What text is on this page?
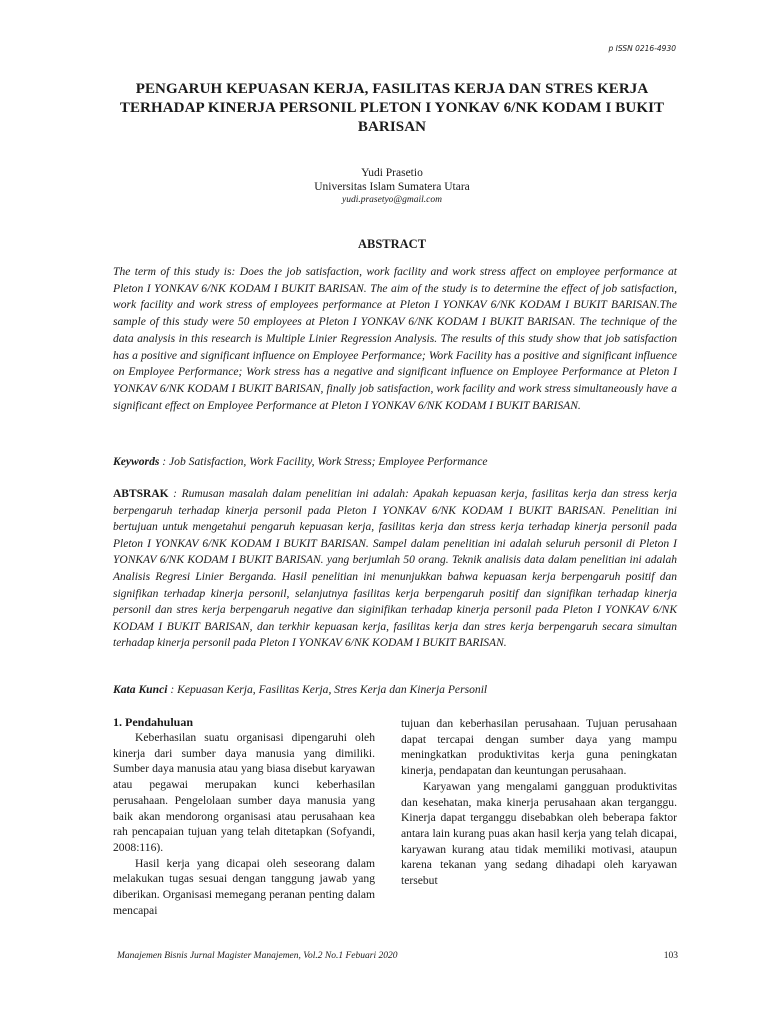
p ISSN 0216-4930
PENGARUH KEPUASAN KERJA, FASILITAS KERJA DAN STRES KERJA TERHADAP KINERJA PERSONIL PLETON I YONKAV 6/NK KODAM I BUKIT BARISAN
Yudi Prasetio
Universitas Islam Sumatera Utara
yudi.prasetyo@gmail.com
ABSTRACT
The term of this study is: Does the job satisfaction, work facility and work stress affect on employee performance at Pleton I YONKAV 6/NK KODAM I BUKIT BARISAN. The aim of the study is to determine the effect of job satisfaction, work facility and work stress of employees performance at Pleton I YONKAV 6/NK KODAM I BUKIT BARISAN.The sample of this study were 50 employees at Pleton I YONKAV 6/NK KODAM I BUKIT BARISAN. The technique of the data analysis in this research is Multiple Linier Regression Analysis. The results of this study show that job satisfaction has a positive and significant influence on Employee Performance; Work Facility has a positive and significant influence on Employee Performance; Work stress has a negative and significant influence on Employee Performance at Pleton I YONKAV 6/NK KODAM I BUKIT BARISAN, finally job satisfaction, work facility and work stress simultaneously have a significant effect on Employee Performance at Pleton I YONKAV 6/NK KODAM I BUKIT BARISAN.
Keywords : Job Satisfaction, Work Facility, Work Stress; Employee Performance
ABTSRAK : Rumusan masalah dalam penelitian ini adalah: Apakah kepuasan kerja, fasilitas kerja dan stress kerja berpengaruh terhadap kinerja personil pada Pleton I YONKAV 6/NK KODAM I BUKIT BARISAN. Penelitian ini bertujuan untuk mengetahui pengaruh kepuasan kerja, fasilitas kerja dan stress kerja terhadap kinerja personil pada Pleton I YONKAV 6/NK KODAM I BUKIT BARISAN. Sampel dalam penelitian ini adalah seluruh personil di Pleton I YONKAV 6/NK KODAM I BUKIT BARISAN. yang berjumlah 50 orang. Teknik analisis data dalam penelitian ini adalah Analisis Regresi Linier Berganda. Hasil penelitian ini menunjukkan bahwa kepuasan kerja berpengaruh positif dan signifikan terhadap kinerja personil, selanjutnya fasilitas kerja berpengaruh positif dan signifikan terhadap kinerja personil dan stres kerja berpengaruh negative dan siginifikan terhadap kinerja personil pada Pleton I YONKAV 6/NK KODAM I BUKIT BARISAN, dan terkhir kepuasan kerja, fasilitas kerja dan stres kerja berpengaruh secara simultan terhadap kinerja personil pada Pleton I YONKAV 6/NK KODAM I BUKIT BARISAN.
Kata Kunci : Kepuasan Kerja, Fasilitas Kerja, Stres Kerja dan Kinerja Personil
1. Pendahuluan

Keberhasilan suatu organisasi dipengaruhi oleh kinerja dari sumber daya manusia yang dimiliki. Sumber daya manusia atau yang biasa disebut karyawan atau pegawai merupakan kunci keberhasilan perusahaan. Pengelolaan sumber daya manusia yang baik akan mendorong organisasi atau perusahaan kea rah pencapaian tujuan yang telah ditetapkan (Sofyandi, 2008:116).

Hasil kerja yang dicapai oleh seseorang dalam melakukan tugas sesuai dengan tanggung jawab yang diberikan. Organisasi memegang peranan penting dalam mencapai

tujuan dan keberhasilan perusahaan. Tujuan perusahaan dapat tercapai dengan sumber daya yang mampu meningkatkan produktivitas kerja guna peningkatan kinerja, pendapatan dan keuntungan perusahaan.

Karyawan yang mengalami gangguan produktivitas dan kesehatan, maka kinerja perusahaan akan terganggu. Kinerja dapat terganggu disebabkan oleh beberapa faktor antara lain kurang puas akan hasil kerja yang telah dicapai, karyawan kurang atau tidak memiliki motivasi, ataupun karena tekanan yang sedang dihadapi oleh karyawan tersebut

Manajemen Bisnis Jurnal Magister Manajemen, Vol.2 No.1 Febuari 2020	103
